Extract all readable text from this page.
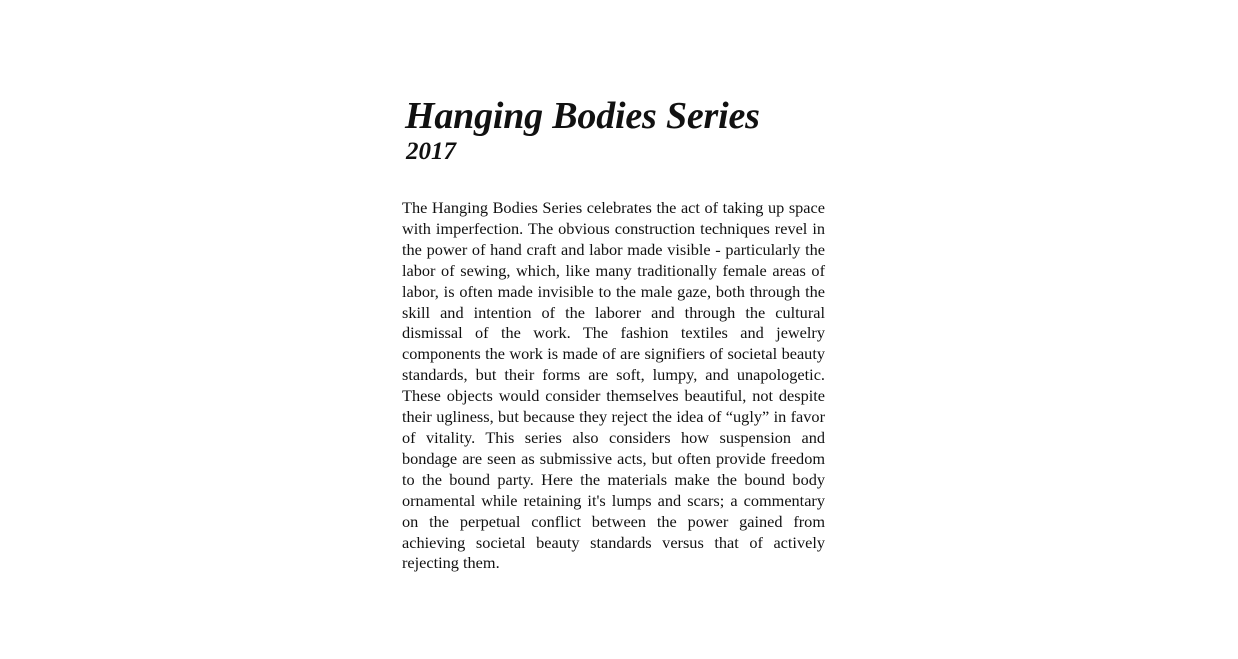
Hanging Bodies Series
2017

The Hanging Bodies Series celebrates the act of taking up space with imperfection. The obvious construction techniques revel in the power of hand craft and labor made visible - particularly the labor of sewing, which, like many traditionally female areas of labor, is often made invisible to the male gaze, both through the skill and intention of the laborer and through the cultural dismissal of the work. The fashion textiles and jewelry components the work is made of are signifiers of societal beauty standards, but their forms are soft, lumpy, and unapologetic. These objects would consider themselves beautiful, not despite their ugliness, but because they reject the idea of “ugly” in favor of vitality. This series also considers how suspension and bondage are seen as submissive acts, but often provide freedom to the bound party. Here the materials make the bound body ornamental while retaining it's lumps and scars; a commentary on the perpetual conflict between the power gained from achieving societal beauty standards versus that of actively rejecting them.
